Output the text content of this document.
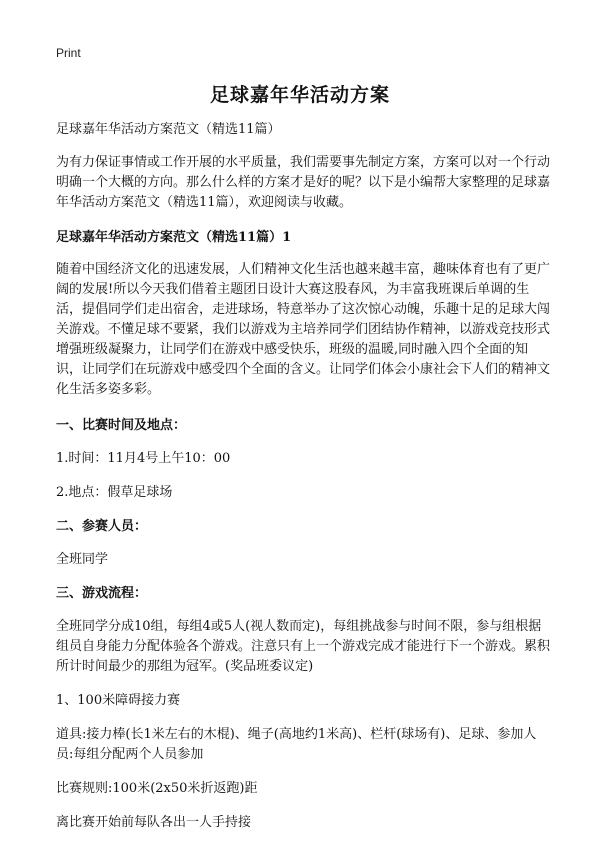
Print
足球嘉年华活动方案

足球嘉年华活动方案范文（精选11篇）

为有力保证事情或工作开展的水平质量，我们需要事先制定方案，方案可以对一个行动明确一个大概的方向。那么什么样的方案才是好的呢？以下是小编帮大家整理的足球嘉年华活动方案范文（精选11篇），欢迎阅读与收藏。

足球嘉年华活动方案范文（精选11篇）1

随着中国经济文化的迅速发展，人们精神文化生活也越来越丰富，趣味体育也有了更广阔的发展!所以今天我们借着主题团日设计大赛这股春风，为丰富我班课后单调的生活，提倡同学们走出宿舍，走进球场，特意举办了这次惊心动魄，乐趣十足的足球大闯关游戏。不懂足球不要紧，我们以游戏为主培养同学们团结协作精神，以游戏竞技形式增强班级凝聚力，让同学们在游戏中感受快乐，班级的温暖,同时融入四个全面的知识，让同学们在玩游戏中感受四个全面的含义。让同学们体会小康社会下人们的精神文化生活多姿多彩。

一、比赛时间及地点：

1.时间：11月4号上午10：00

2.地点：假草足球场

二、参赛人员：

全班同学

三、游戏流程：

全班同学分成10组，每组4或5人(视人数而定)，每组挑战参与时间不限，参与组根据组员自身能力分配体验各个游戏。注意只有上一个游戏完成才能进行下一个游戏。累积所计时间最少的那组为冠军。(奖品班委议定)

1、100米障碍接力赛

道具:接力棒(长1米左右的木棍)、绳子(高地约1米高)、栏杆(球场有)、足球、参加人员:每组分配两个人员参加

比赛规则:100米(2x50米折返跑)距

离比赛开始前每队各出一人手持接
